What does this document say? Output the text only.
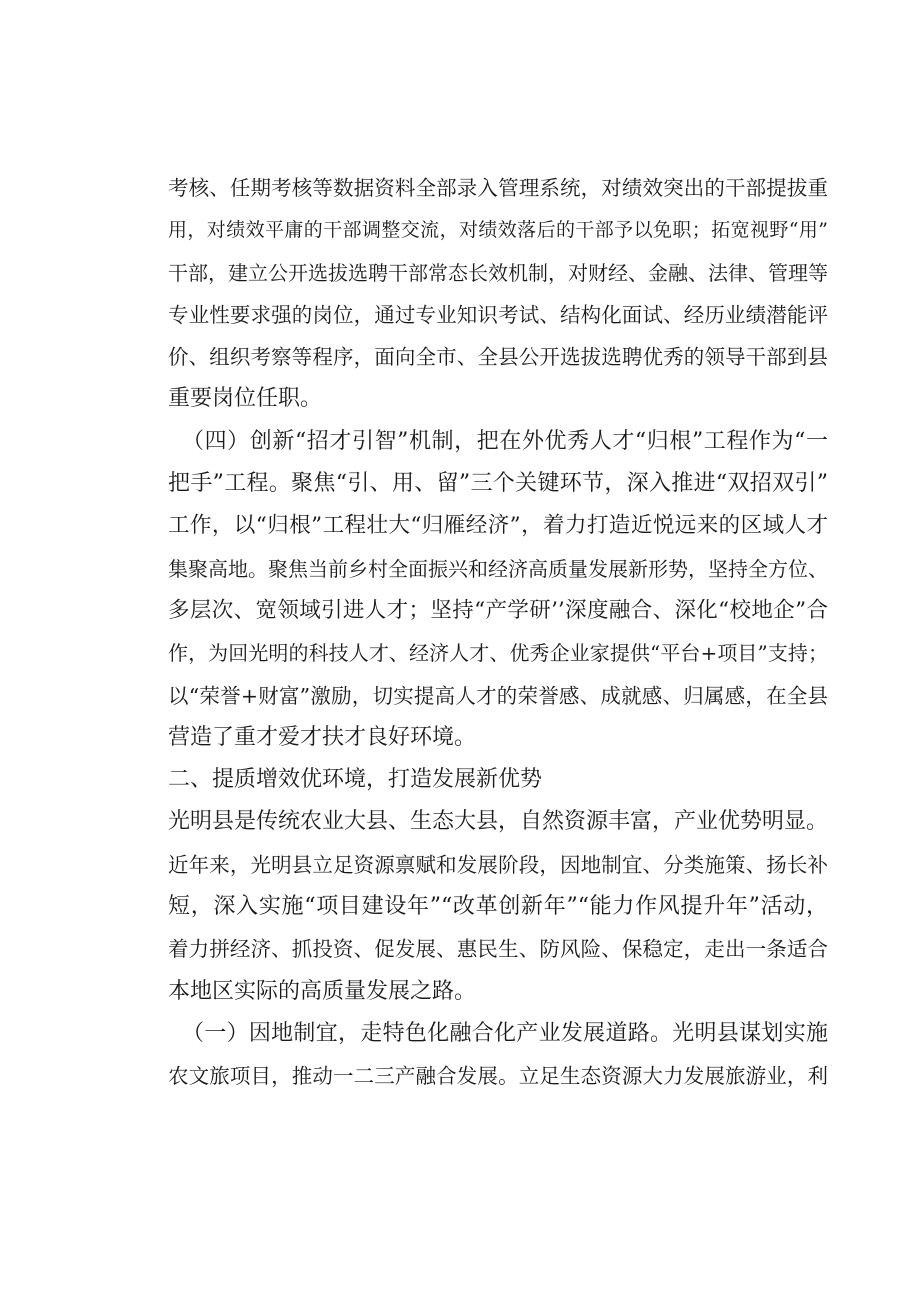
考核、任期考核等数据资料全部录入管理系统，对绩效突出的干部提拔重
用，对绩效平庸的干部调整交流，对绩效落后的干部予以免职；拓宽视野“用”
干部，建立公开选拔选聘干部常态长效机制，对财经、金融、法律、管理等
专业性要求强的岗位，通过专业知识考试、结构化面试、经历业绩潜能评
价、组织考察等程序，面向全市、全县公开选拔选聘优秀的领导干部到县
重要岗位任职。
（四）创新“招才引智”机制，把在外优秀人才“归根”工程作为“一
把手”工程。聚焦“引、用、留”三个关键环节，深入推进“双招双引”
工作，以“归根”工程壮大“归雁经济”，着力打造近悦远来的区域人才
集聚高地。聚焦当前乡村全面振兴和经济高质量发展新形势，坚持全方位、
多层次、宽领域引进人才；坚持“产学研’’深度融合、深化“校地企”合
作，为回光明的科技人才、经济人才、优秀企业家提供“平台+项目”支持；
以“荣誉+财富”激励，切实提高人才的荣誉感、成就感、归属感，在全县
营造了重才爱才扶才良好环境。
二、提质增效优环境，打造发展新优势
光明县是传统农业大县、生态大县，自然资源丰富，产业优势明显。
近年来，光明县立足资源禀赋和发展阶段，因地制宜、分类施策、扬长补
短，深入实施“项目建设年”“改革创新年”“能力作风提升年”活动，
着力拼经济、抓投资、促发展、惠民生、防风险、保稳定，走出一条适合
本地区实际的高质量发展之路。
（一）因地制宜，走特色化融合化产业发展道路。光明县谋划实施
农文旅项目，推动一二三产融合发展。立足生态资源大力发展旅游业，利
